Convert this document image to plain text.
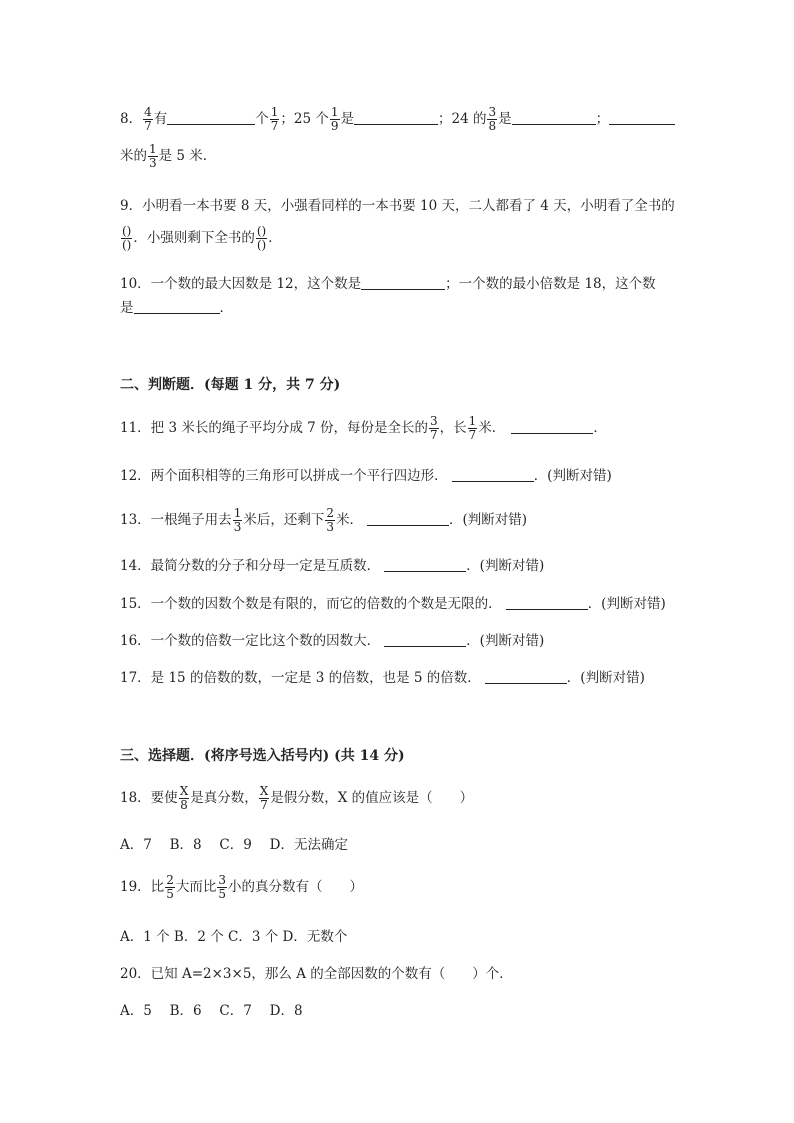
8． $\frac{4}{7}$ 有	个 $\frac{1}{7}$ ；25 个 $\frac{1}{9}$ 是	；24 的 $\frac{3}{8}$ 是	；
米的 $\frac{1}{3}$ 是 5 米．
9．小明看一本书要 8 天，小强看同样的一本书要 10 天，二人都看了 4 天，小明看了全书的
$\frac{()}{()}$ ．小强则剩下全书的 $\frac{()}{()}$ ．
10．一个数的最大因数是 12，这个数是	；一个数的最小倍数是 18，这个数
是	．
二、判断题．(每题 1 分，共 7 分)
11．把 3 米长的绳子平均分成 7 份，每份是全长的 $\frac{3}{7}$ ，长 $\frac{1}{7}$ 米．	．
12．两个面积相等的三角形可以拼成一个平行四边形．	．(判断对错)
13．一根绳子用去 $\frac{1}{3}$ 米后，还剩下 $\frac{2}{3}$ 米．	．(判断对错)
14．最简分数的分子和分母一定是互质数．	．(判断对错)
15．一个数的因数个数是有限的，而它的倍数的个数是无限的．	．(判断对错)
16．一个数的倍数一定比这个数的因数大．	．(判断对错)
17．是 15 的倍数的数，一定是 3 的倍数，也是 5 的倍数．	．(判断对错)
三、选择题．(将序号选入括号内) (共 14 分)
18．要使 $\frac{X}{8}$ 是真分数， $\frac{X}{7}$ 是假分数，X 的值应该是（　　）
A．7　 B．8　 C．9　 D．无法确定
19．比 $\frac{2}{5}$ 大而比 $\frac{3}{5}$ 小的真分数有（　　）
A．1 个 B．2 个 C．3 个 D．无数个
20．已知 A=2×3×5，那么 A 的全部因数的个数有（　　）个．
A．5　 B．6　 C．7　 D．8
